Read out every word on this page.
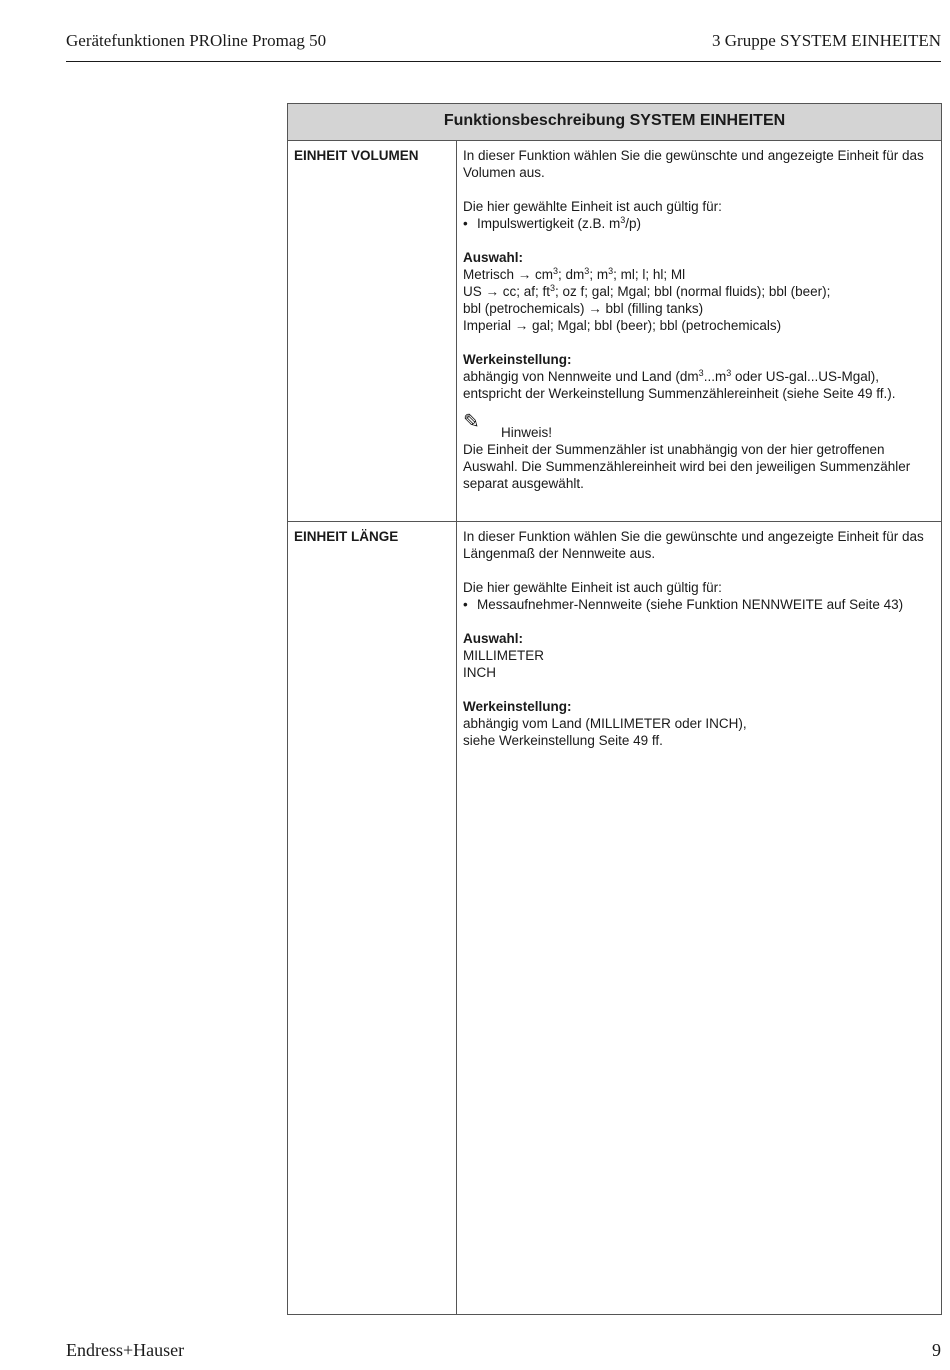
Gerätefunktionen PROline Promag 50	3 Gruppe SYSTEM EINHEITEN
Funktionsbeschreibung SYSTEM EINHEITEN
EINHEIT VOLUMEN	In dieser Funktion wählen Sie die gewünschte und angezeigte Einheit für das Volumen aus.

Die hier gewählte Einheit ist auch gültig für:
• Impulswertigkeit (z.B. $m^3/p$)

Auswahl:
Metrisch → $cm^3$; $dm^3$; $m^3$; ml; l; hl; Ml
US → cc; af; $ft^3$; oz f; gal; Mgal; bbl (normal fluids); bbl (beer);
bbl (petrochemicals) → bbl (filling tanks)
Imperial → gal; Mgal; bbl (beer); bbl (petrochemicals)

Werkeinstellung:
abhängig von Nennweite und Land ($dm^3...m^3$ oder US-gal...US-Mgal),
entspricht der Werkeinstellung Summenzählereinheit (siehe Seite 49 ff.).

✎ Hinweis!
Die Einheit der Summenzähler ist unabhängig von der hier getroffenen Auswahl. Die Summenzählereinheit wird bei den jeweiligen Summenzähler separat ausgewählt.
EINHEIT LÄNGE	In dieser Funktion wählen Sie die gewünschte und angezeigte Einheit für das Längenmaß der Nennweite aus.

Die hier gewählte Einheit ist auch gültig für:
• Messaufnehmer-Nennweite (siehe Funktion NENNWEITE auf Seite 43)

Auswahl:
MILLIMETER
INCH

Werkeinstellung:
abhängig vom Land (MILLIMETER oder INCH),
siehe Werkeinstellung Seite 49 ff.

Endress+Hauser	9
